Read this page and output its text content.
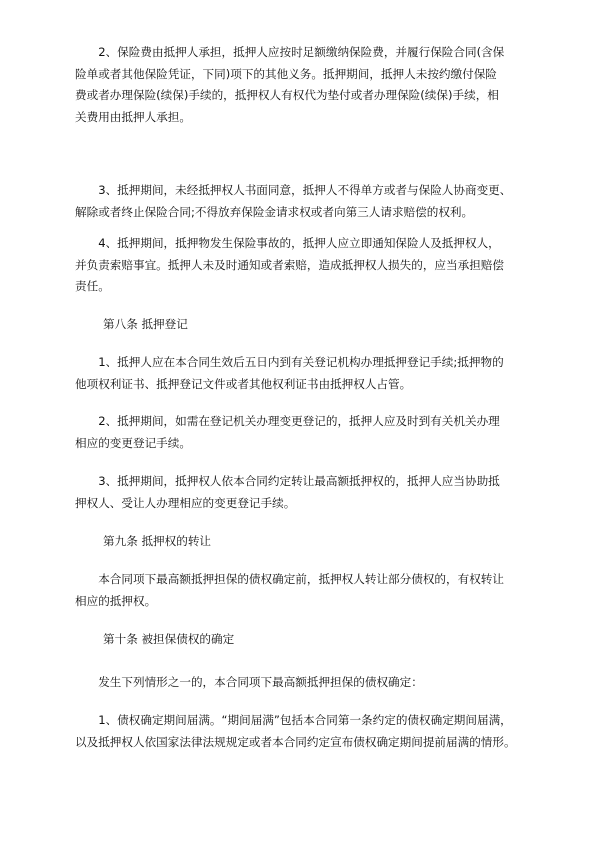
　　2、保险费由抵押人承担，抵押人应按时足额缴纳保险费，并履行保险合同(含保
险单或者其他保险凭证，下同)项下的其他义务。抵押期间，抵押人未按约缴付保险
费或者办理保险(续保)手续的，抵押权人有权代为垫付或者办理保险(续保)手续，相
关费用由抵押人承担。

　　3、抵押期间，未经抵押权人书面同意，抵押人不得单方或者与保险人协商变更、
解除或者终止保险合同;不得放弃保险金请求权或者向第三人请求赔偿的权利。

　　4、抵押期间，抵押物发生保险事故的，抵押人应立即通知保险人及抵押权人，
并负责索赔事宜。抵押人未及时通知或者索赔，造成抵押权人损失的，应当承担赔偿
责任。

第八条 抵押登记

　　1、抵押人应在本合同生效后五日内到有关登记机构办理抵押登记手续;抵押物的
他项权利证书、抵押登记文件或者其他权利证书由抵押权人占管。

　　2、抵押期间，如需在登记机关办理变更登记的，抵押人应及时到有关机关办理
相应的变更登记手续。

　　3、抵押期间，抵押权人依本合同约定转让最高额抵押权的，抵押人应当协助抵
押权人、受让人办理相应的变更登记手续。

第九条 抵押权的转让

　　本合同项下最高额抵押担保的债权确定前，抵押权人转让部分债权的，有权转让
相应的抵押权。

第十条 被担保债权的确定

　　发生下列情形之一的，本合同项下最高额抵押担保的债权确定：

　　1、债权确定期间届满。“期间届满”包括本合同第一条约定的债权确定期间届满，
以及抵押权人依国家法律法规规定或者本合同约定宣布债权确定期间提前届满的情形。
